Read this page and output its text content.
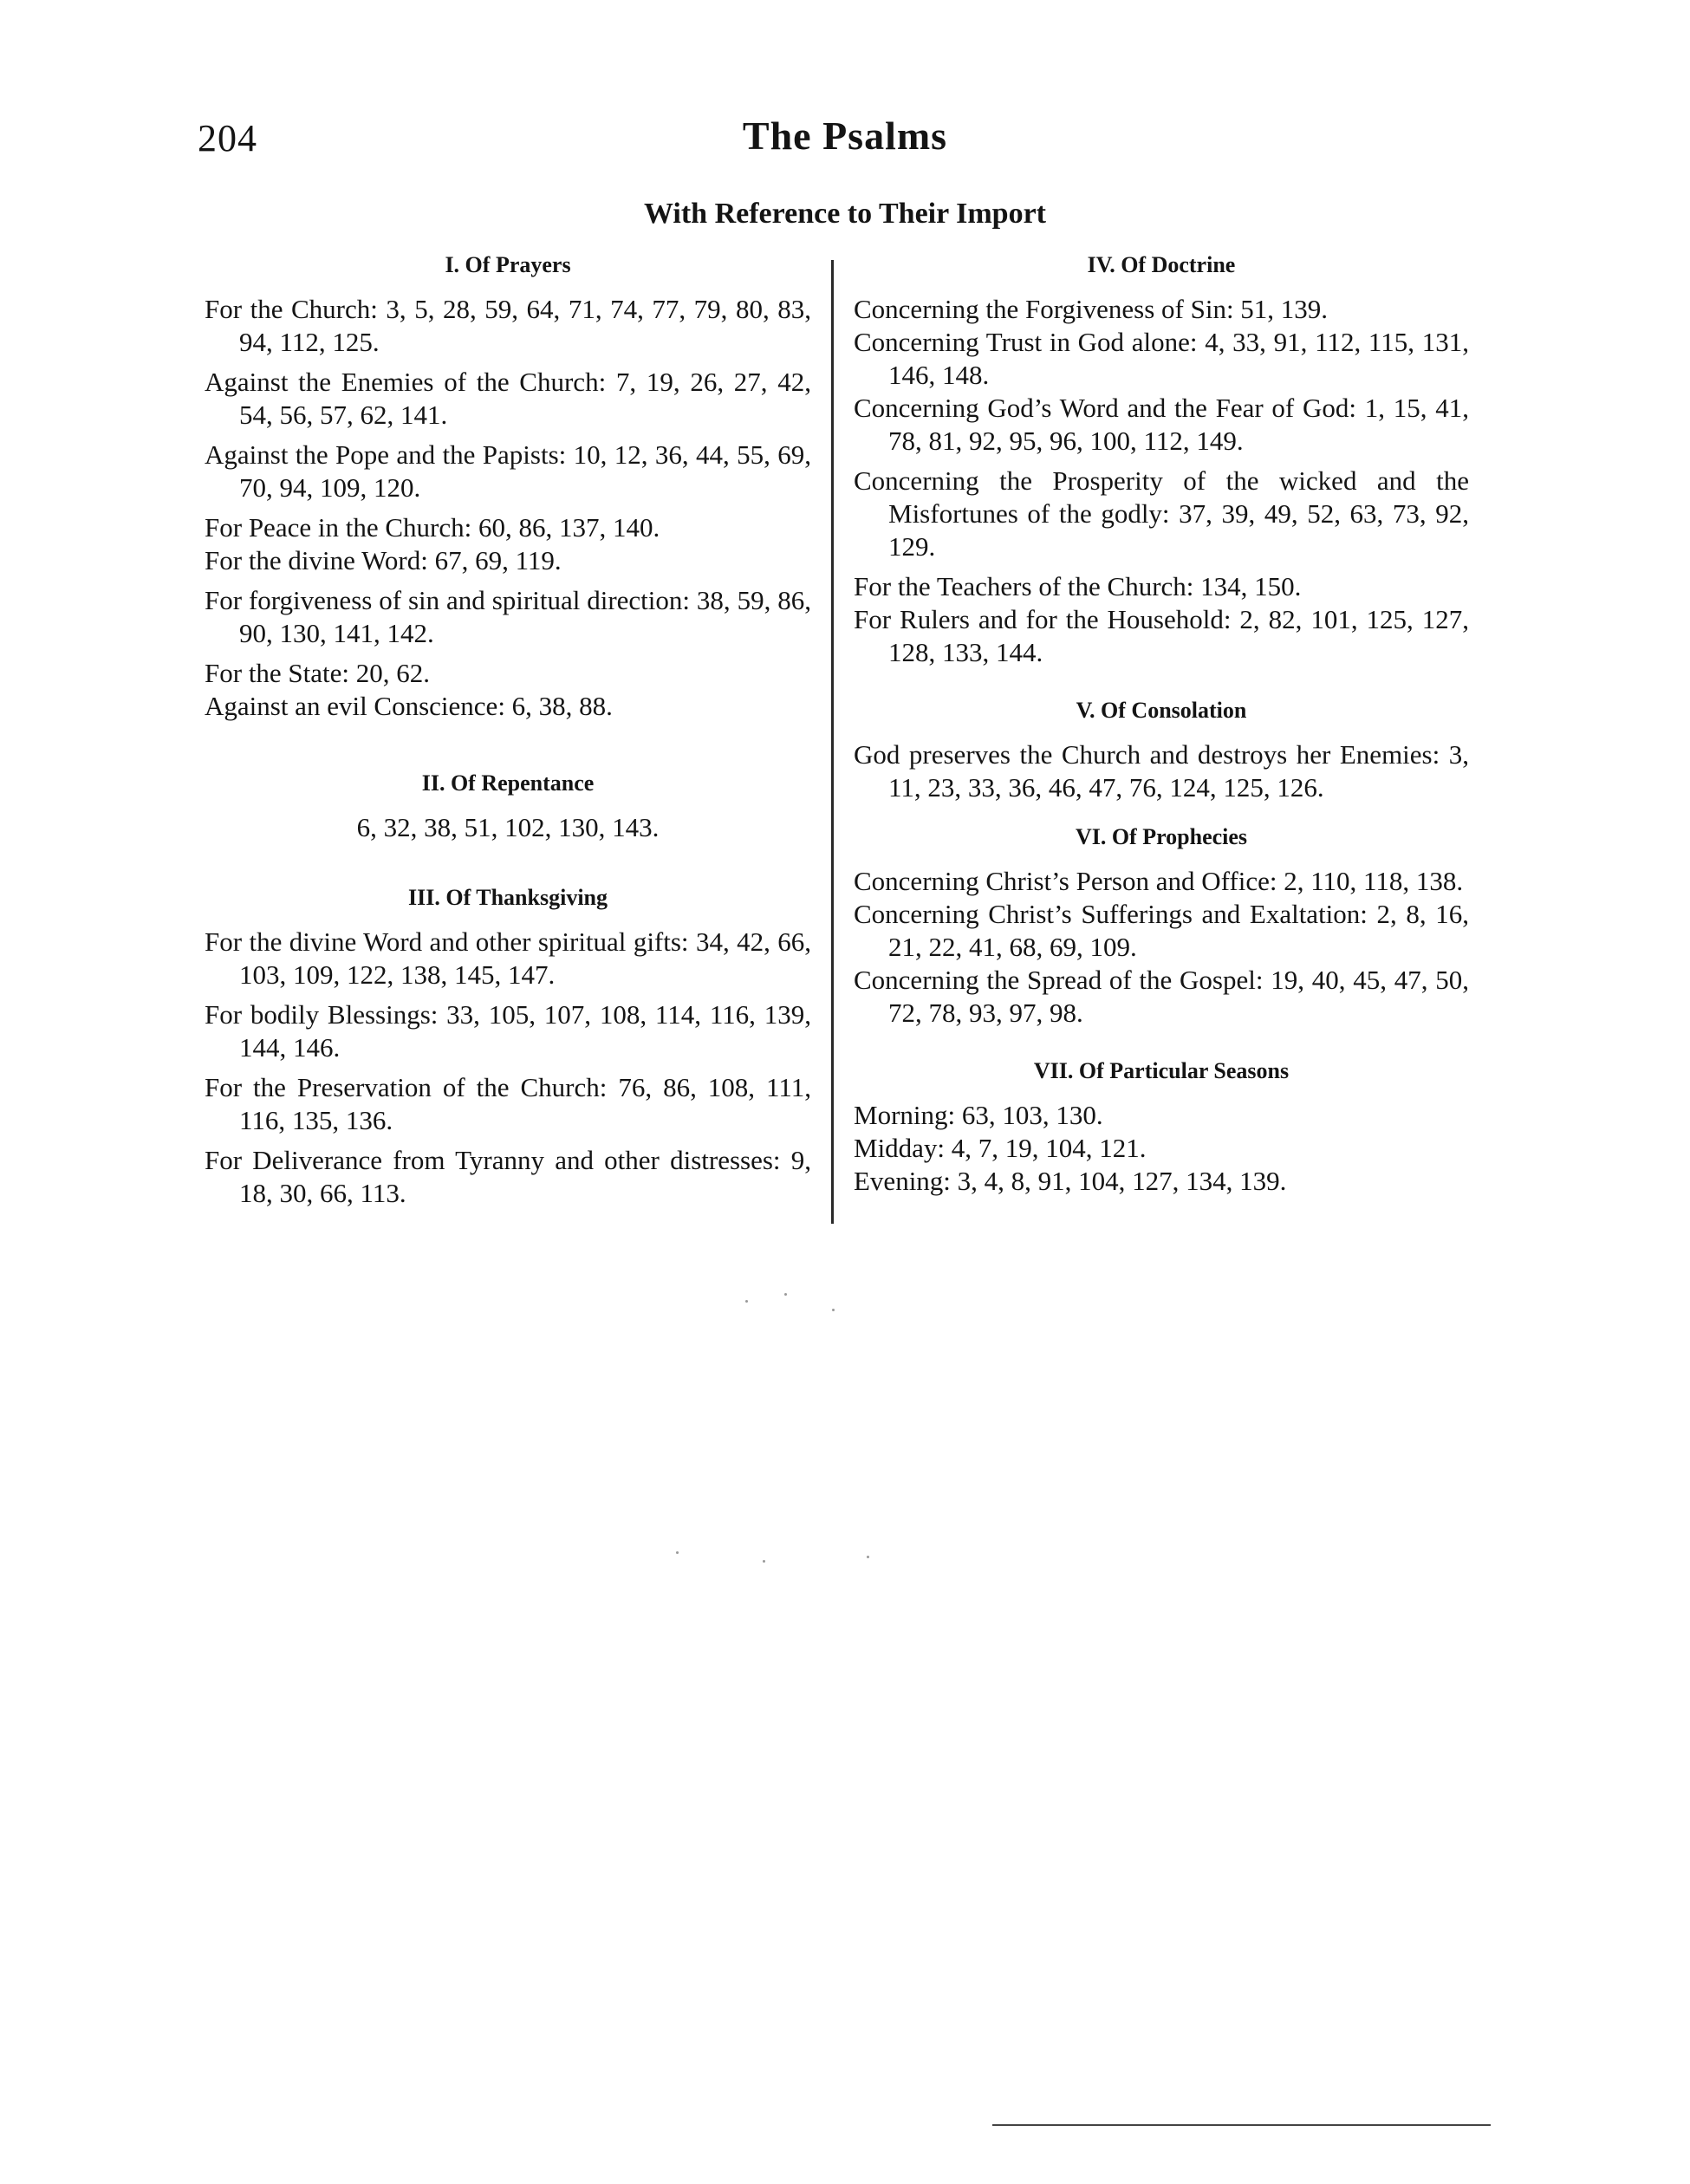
204	The Psalms
With Reference to Their Import
I. Of Prayers

For the Church: 3, 5, 28, 59, 64, 71, 74, 77, 79, 80, 83, 94, 112, 125.

Against the Enemies of the Church: 7, 19, 26, 27, 42, 54, 56, 57, 62, 141.

Against the Pope and the Papists: 10, 12, 36, 44, 55, 69, 70, 94, 109, 120.

For Peace in the Church: 60, 86, 137, 140.

For the divine Word: 67, 69, 119.

For forgiveness of sin and spiritual direction: 38, 59, 86, 90, 130, 141, 142.

For the State: 20, 62.

Against an evil Conscience: 6, 38, 88.

II. Of Repentance
6, 32, 38, 51, 102, 130, 143.
III. Of Thanksgiving

For the divine Word and other spiritual gifts: 34, 42, 66, 103, 109, 122, 138, 145, 147.

For bodily Blessings: 33, 105, 107, 108, 114, 116, 139, 144, 146.

For the Preservation of the Church: 76, 86, 108, 111, 116, 135, 136.

For Deliverance from Tyranny and other distresses: 9, 18, 30, 66, 113.

IV. Of Doctrine

Concerning the Forgiveness of Sin: 51, 139.

Concerning Trust in God alone: 4, 33, 91, 112, 115, 131, 146, 148.

Concerning God’s Word and the Fear of God: 1, 15, 41, 78, 81, 92, 95, 96, 100, 112, 149.

Concerning the Prosperity of the wicked and the Misfortunes of the godly: 37, 39, 49, 52, 63, 73, 92, 129.

For the Teachers of the Church: 134, 150.

For Rulers and for the Household: 2, 82, 101, 125, 127, 128, 133, 144.

V. Of Consolation

God preserves the Church and destroys her Enemies: 3, 11, 23, 33, 36, 46, 47, 76, 124, 125, 126.

VI. Of Prophecies

Concerning Christ’s Person and Office: 2, 110, 118, 138.

Concerning Christ’s Sufferings and Exaltation: 2, 8, 16, 21, 22, 41, 68, 69, 109.

Concerning the Spread of the Gospel: 19, 40, 45, 47, 50, 72, 78, 93, 97, 98.

VII. Of Particular Seasons

Morning: 63, 103, 130.

Midday: 4, 7, 19, 104, 121.

Evening: 3, 4, 8, 91, 104, 127, 134, 139.
